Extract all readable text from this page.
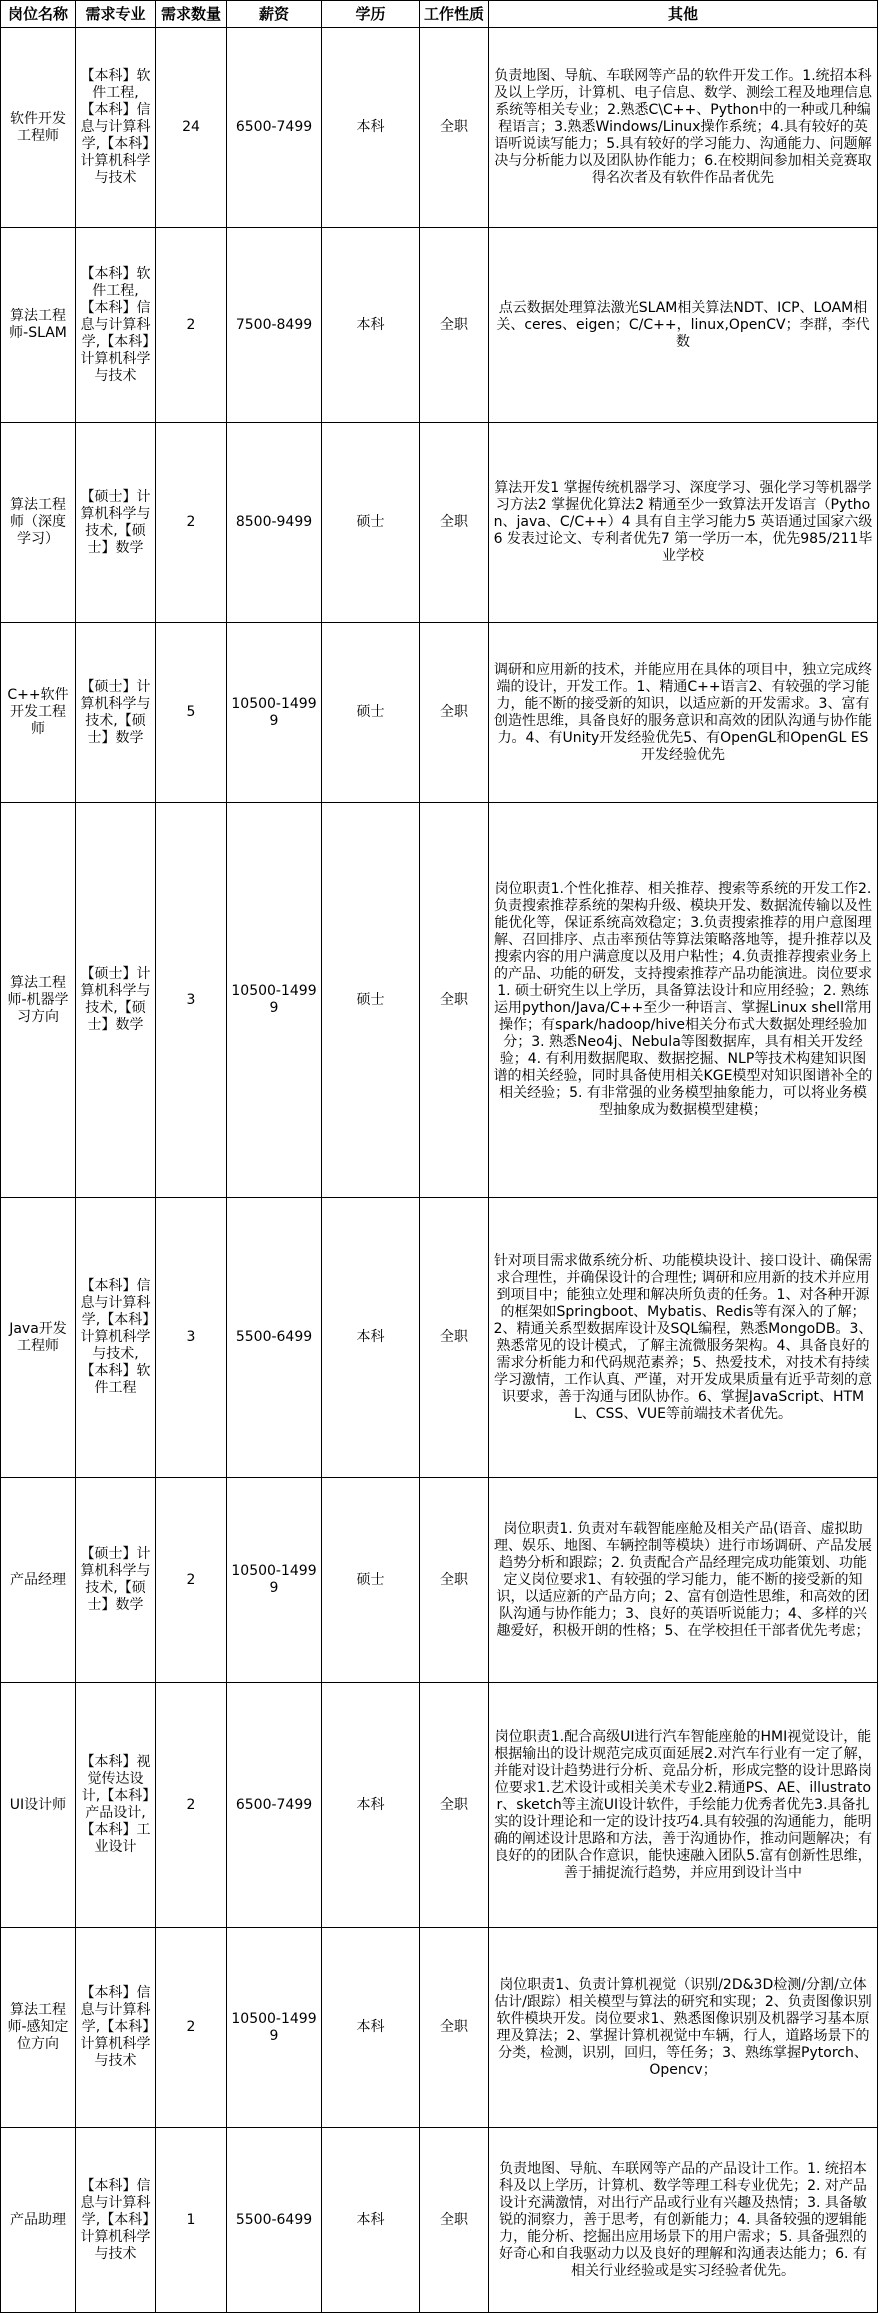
岗位名称	需求专业	需求数量	薪资	学历	工作性质	其他
软件开发工程师	【本科】软件工程,【本科】信息与计算科学,【本科】计算机科学与技术	24	6500-7499	本科	全职	负责地图、导航、车联网等产品的软件开发工作。1.统招本科及以上学历，计算机、电子信息、数学、测绘工程及地理信息系统等相关专业；2.熟悉C\C++、Python中的一种或几种编程语言；3.熟悉Windows/Linux操作系统；4.具有较好的英语听说读写能力；5.具有较好的学习能力、沟通能力、问题解决与分析能力以及团队协作能力；6.在校期间参加相关竞赛取得名次者及有软件作品者优先
算法工程师-SLAM	【本科】软件工程,【本科】信息与计算科学,【本科】计算机科学与技术	2	7500-8499	本科	全职	点云数据处理算法激光SLAM相关算法NDT、ICP、LOAM相关、ceres、eigen；C/C++，linux,OpenCV；李群，李代数
算法工程师（深度学习）	【硕士】计算机科学与技术,【硕士】数学	2	8500-9499	硕士	全职	算法开发1 掌握传统机器学习、深度学习、强化学习等机器学习方法2 掌握优化算法2 精通至少一致算法开发语言（Python、java、C/C++）4 具有自主学习能力5 英语通过国家六级6 发表过论文、专利者优先7 第一学历一本，优先985/211毕业学校
C++软件开发工程师	【硕士】计算机科学与技术,【硕士】数学	5	10500-14999	硕士	全职	调研和应用新的技术，并能应用在具体的项目中，独立完成终端的设计，开发工作。1、精通C++语言2、有较强的学习能力，能不断的接受新的知识，以适应新的开发需求。3、富有创造性思维，具备良好的服务意识和高效的团队沟通与协作能力。4、有Unity开发经验优先5、有OpenGL和OpenGL ES开发经验优先
算法工程师-机器学习方向	【硕士】计算机科学与技术,【硕士】数学	3	10500-14999	硕士	全职	岗位职责1.个性化推荐、相关推荐、搜索等系统的开发工作2.负责搜索推荐系统的架构升级、模块开发、数据流传输以及性能优化等，保证系统高效稳定；3.负责搜索推荐的用户意图理解、召回排序、点击率预估等算法策略落地等，提升推荐以及搜索内容的用户满意度以及用户粘性；4.负责推荐搜索业务上的产品、功能的研发，支持搜索推荐产品功能演进。岗位要求1. 硕士研究生以上学历，具备算法设计和应用经验；2. 熟练运用python/Java/C++至少一种语言、掌握Linux shell常用操作；有spark/hadoop/hive相关分布式大数据处理经验加分；3. 熟悉Neo4j、Nebula等图数据库，具有相关开发经验；4. 有利用数据爬取、数据挖掘、NLP等技术构建知识图谱的相关经验，同时具备使用相关KGE模型对知识图谱补全的相关经验；5. 有非常强的业务模型抽象能力，可以将业务模型抽象成为数据模型建模；
Java开发工程师	【本科】信息与计算科学,【本科】计算机科学与技术,【本科】软件工程	3	5500-6499	本科	全职	针对项目需求做系统分析、功能模块设计、接口设计、确保需求合理性，并确保设计的合理性; 调研和应用新的技术并应用到项目中；能独立处理和解决所负责的任务。1、对各种开源的框架如Springboot、Mybatis、Redis等有深入的了解；2、精通关系型数据库设计及SQL编程，熟悉MongoDB。3、熟悉常见的设计模式，了解主流微服务架构。4、具备良好的需求分析能力和代码规范素养；5、热爱技术，对技术有持续学习激情，工作认真、严谨，对开发成果质量有近乎苛刻的意识要求，善于沟通与团队协作。6、掌握JavaScript、HTML、CSS、VUE等前端技术者优先。
产品经理	【硕士】计算机科学与技术,【硕士】数学	2	10500-14999	硕士	全职	岗位职责1. 负责对车载智能座舱及相关产品(语音、虚拟助理、娱乐、地图、车辆控制等模块）进行市场调研、产品发展趋势分析和跟踪；2. 负责配合产品经理完成功能策划、功能定义岗位要求1、有较强的学习能力，能不断的接受新的知识，以适应新的产品方向；2、富有创造性思维，和高效的团队沟通与协作能力；3、良好的英语听说能力；4、多样的兴趣爱好，积极开朗的性格；5、在学校担任干部者优先考虑；
UI设计师	【本科】视觉传达设计,【本科】产品设计,【本科】工业设计	2	6500-7499	本科	全职	岗位职责1.配合高级UI进行汽车智能座舱的HMI视觉设计，能根据输出的设计规范完成页面延展2.对汽车行业有一定了解，并能对设计趋势进行分析、竞品分析，形成完整的设计思路岗位要求1.艺术设计或相关美术专业2.精通PS、AE、illustrator、sketch等主流UI设计软件，手绘能力优秀者优先3.具备扎实的设计理论和一定的设计技巧4.具有较强的沟通能力，能明确的阐述设计思路和方法，善于沟通协作，推动问题解决；有良好的的团队合作意识，能快速融入团队5.富有创新性思维，善于捕捉流行趋势，并应用到设计当中
算法工程师-感知定位方向	【本科】信息与计算科学,【本科】计算机科学与技术	2	10500-14999	本科	全职	岗位职责1、负责计算机视觉（识别/2D&3D检测/分割/立体估计/跟踪）相关模型与算法的研究和实现；2、负责图像识别软件模块开发。岗位要求1、熟悉图像识别及机器学习基本原理及算法；2、掌握计算机视觉中车辆，行人，道路场景下的分类，检测，识别，回归，等任务；3、熟练掌握Pytorch、Opencv；
产品助理	【本科】信息与计算科学,【本科】计算机科学与技术	1	5500-6499	本科	全职	负责地图、导航、车联网等产品的产品设计工作。1. 统招本科及以上学历，计算机、数学等理工科专业优先；2. 对产品设计充满激情，对出行产品或行业有兴趣及热情；3. 具备敏锐的洞察力，善于思考，有创新能力；4. 具备较强的逻辑能力，能分析、挖掘出应用场景下的用户需求；5. 具备强烈的好奇心和自我驱动力以及良好的理解和沟通表达能力；6. 有相关行业经验或是实习经验者优先。
